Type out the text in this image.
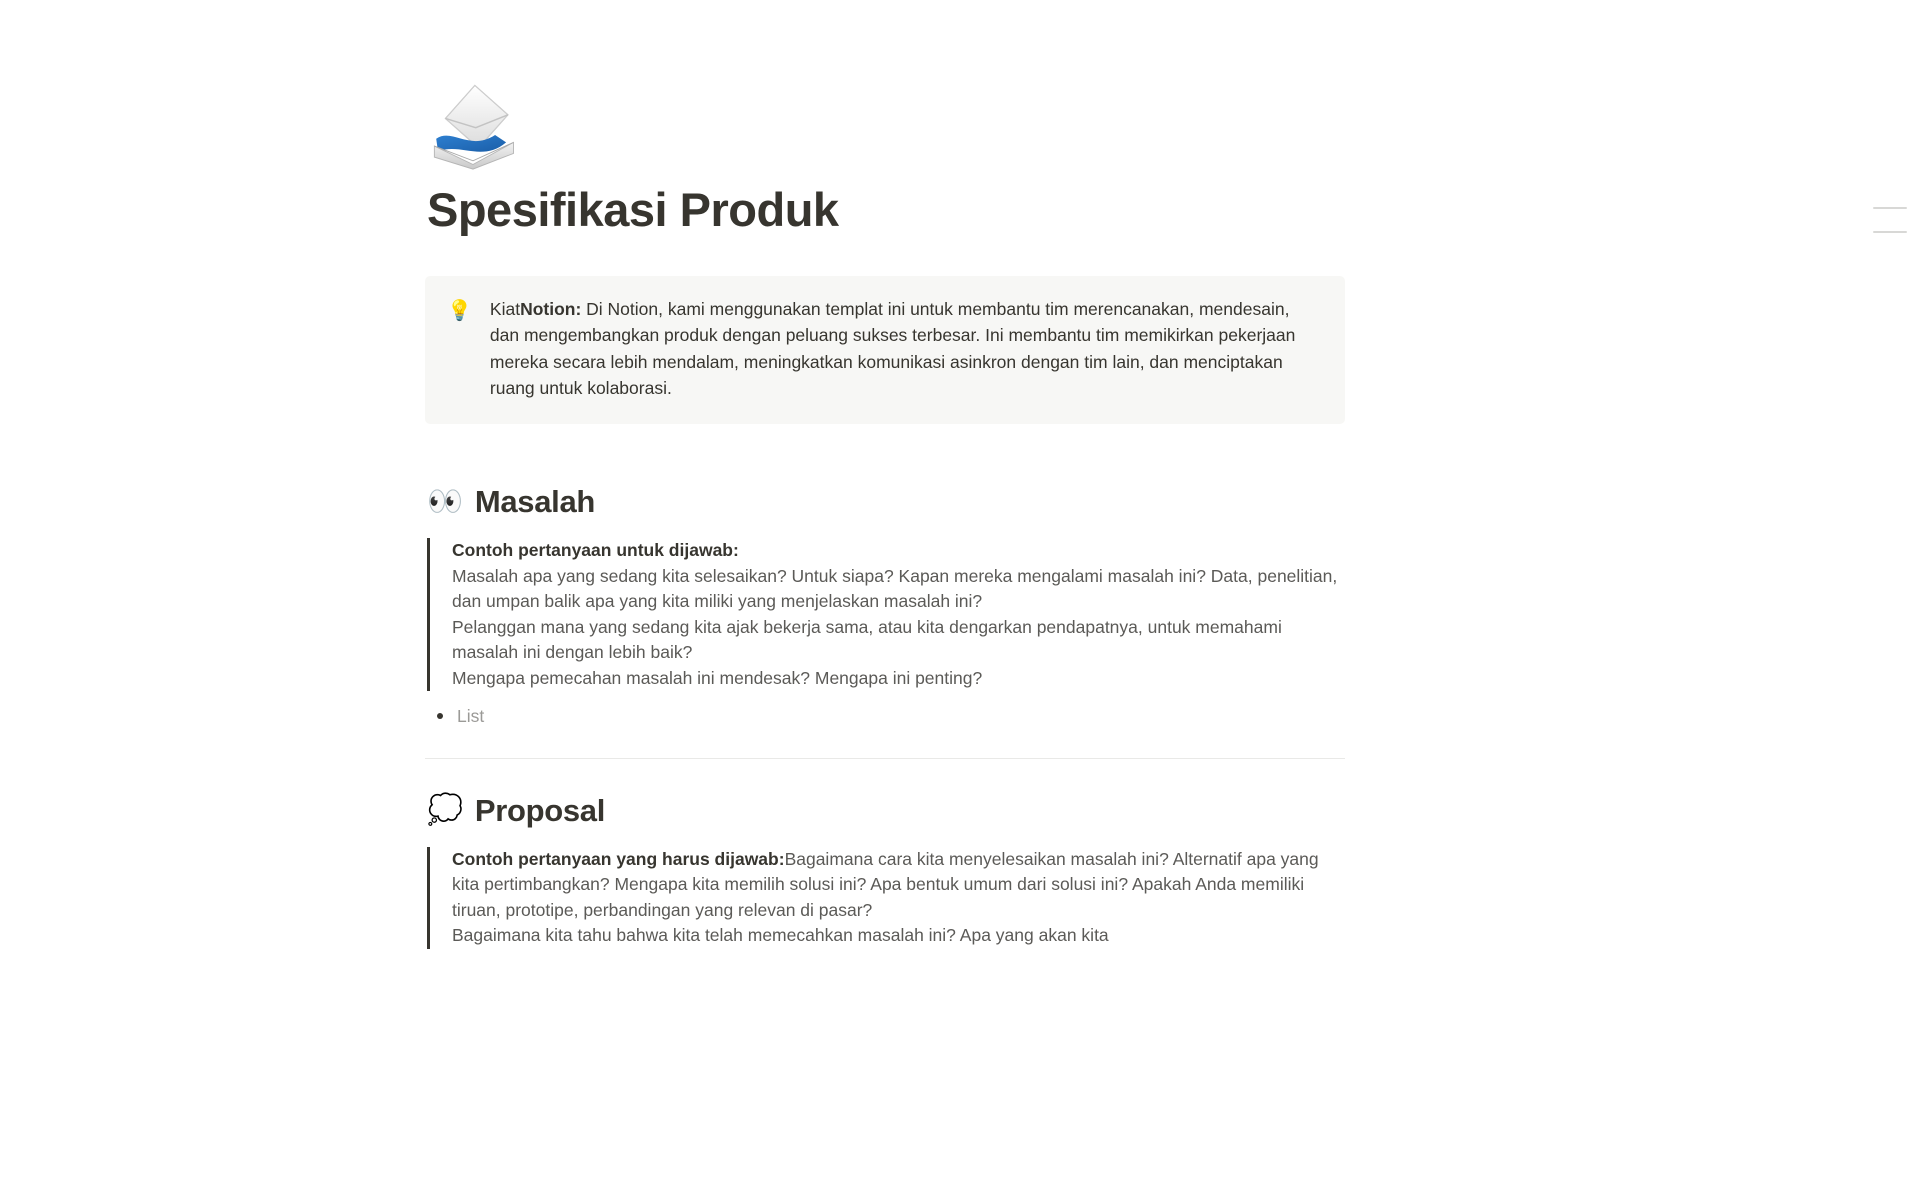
Spesifikasi Produk
💡 KiatNotion: Di Notion, kami menggunakan templat ini untuk membantu tim merencanakan, mendesain, dan mengembangkan produk dengan peluang sukses terbesar. Ini membantu tim memikirkan pekerjaan mereka secara lebih mendalam, meningkatkan komunikasi asinkron dengan tim lain, dan menciptakan ruang untuk kolaborasi.
👀 Masalah

Contoh pertanyaan untuk dijawab:

Masalah apa yang sedang kita selesaikan? Untuk siapa? Kapan mereka mengalami masalah ini? Data, penelitian, dan umpan balik apa yang kita miliki yang menjelaskan masalah ini?

Pelanggan mana yang sedang kita ajak bekerja sama, atau kita dengarkan pendapatnya, untuk memahami masalah ini dengan lebih baik?

Mengapa pemecahan masalah ini mendesak? Mengapa ini penting?

List
💭 Proposal

Contoh pertanyaan yang harus dijawab:Bagaimana cara kita menyelesaikan masalah ini? Alternatif apa yang kita pertimbangkan? Mengapa kita memilih solusi ini? Apa bentuk umum dari solusi ini? Apakah Anda memiliki tiruan, prototipe, perbandingan yang relevan di pasar?

Bagaimana kita tahu bahwa kita telah memecahkan masalah ini? Apa yang akan kita
